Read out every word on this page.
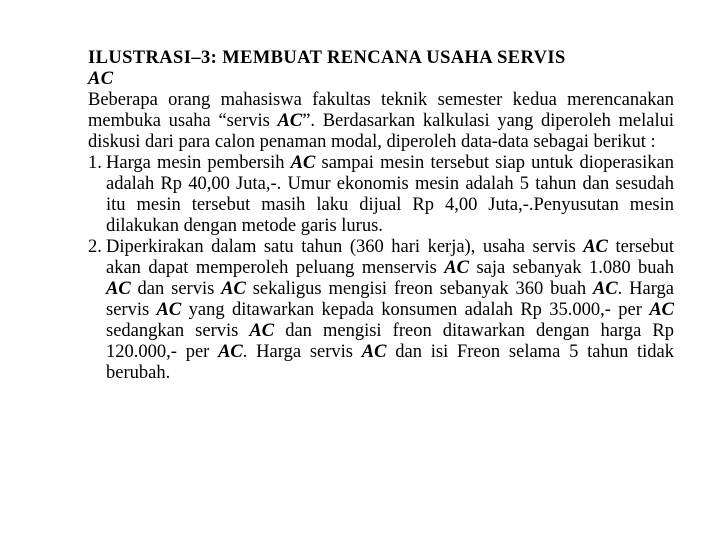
ILUSTRASI–3: MEMBUAT RENCANA USAHA SERVIS
AC

Beberapa orang mahasiswa fakultas teknik semester kedua merencanakan membuka usaha “servis AC”. Berdasarkan kalkulasi yang diperoleh melalui diskusi dari para calon penaman modal, diperoleh data-data sebagai berikut :

1. Harga mesin pembersih AC sampai mesin tersebut siap untuk dioperasikan adalah Rp 40,00 Juta,-. Umur ekonomis mesin adalah 5 tahun dan sesudah itu mesin tersebut masih laku dijual Rp 4,00 Juta,-.Penyusutan mesin dilakukan dengan metode garis lurus.
2. Diperkirakan dalam satu tahun (360 hari kerja), usaha servis AC tersebut akan dapat memperoleh peluang menservis AC saja sebanyak 1.080 buah AC dan servis AC sekaligus mengisi freon sebanyak 360 buah AC. Harga servis AC yang ditawarkan kepada konsumen adalah Rp 35.000,- per AC sedangkan servis AC dan mengisi freon ditawarkan dengan harga Rp 120.000,- per AC. Harga servis AC dan isi Freon selama 5 tahun tidak berubah.
